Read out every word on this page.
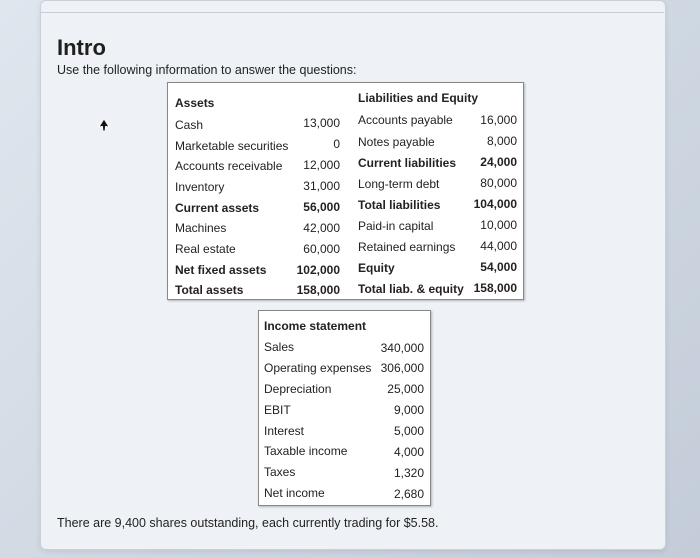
Intro
Use the following information to answer the questions:
Assets	Liabilities and Equity
Cash	13,000 Accounts payable 16,000
Marketable securities	0 Notes payable	8,000
Accounts receivable 12,000 Current liabilities 24,000
Inventory	31,000 Long-term debt	80,000
Current assets	56,000 Total liabilities	104,000
Machines	42,000 Paid-in capital	10,000
Real estate	60,000 Retained earnings 44,000
Net fixed assets	102,000 Equity	54,000
Total assets	158,000 Total liab. & equity 158,000
Income statement
Sales	340,000
Operating expenses 306,000
Depreciation	25,000
EBIT	9,000
Interest	5,000
Taxable income	4,000
Taxes	1,320
Net income	2,680
There are 9,400 shares outstanding, each currently trading for $5.58.
